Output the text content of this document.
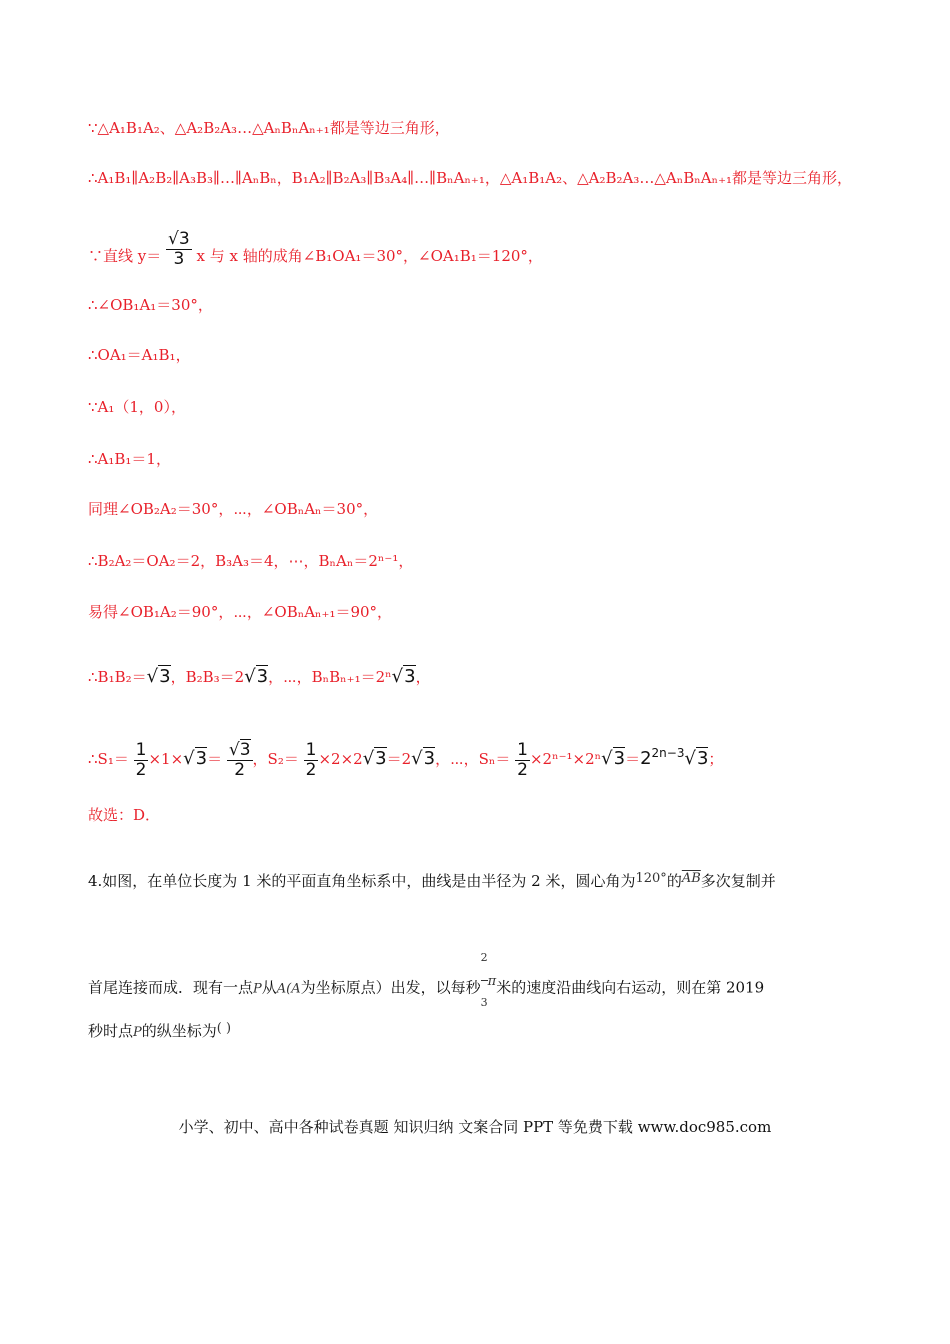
∵△A₁B₁A₂、△A₂B₂A₃…△AₙBₙAₙ₊₁都是等边三角形，
∴A₁B₁∥A₂B₂∥A₃B₃∥…∥AₙBₙ，B₁A₂∥B₂A₃∥B₃A₄∥…∥BₙAₙ₊₁，△A₁B₁A₂、△A₂B₂A₃…△AₙBₙAₙ₊₁都是等边三角形，
∵直线 $y= \frac{√3}{3}$ x 与 x 轴的成角∠B₁OA₁＝30°，∠OA₁B₁＝120°，
∴∠OB₁A₁＝30°，
∴OA₁＝A₁B₁，
∵A₁（1，0），
∴A₁B₁＝1，
同理∠OB₂A₂＝30°，⋯，∠OBₙAₙ＝30°，
∴B₂A₂＝OA₂＝2，B₃A₃＝4，⋯，BₙAₙ＝2ⁿ⁻¹，
易得∠OB₁A₂＝90°，⋯，∠OBₙAₙ₊₁＝90°，
∴B₁B₂＝√3，B₂B₃＝2√3，⋯，BₙBₙ₊₁＝2ⁿ√3，
∴S₁＝ $\frac{1}{2} \times 1\times√3= \frac{√3}{2}$ ，$S_2= \frac{1}{2} \times 2\times 2√3=2√3$，⋯，$S_n= \frac{1}{2} \times 2^{n-1}\times 2^n√3=2^{2n-3}√3$；
故选：D．
4.如图，在单位长度为 1 米的平面直角坐标系中，曲线是由半径为 2 米，圆心角为120°的$\overline{AB}$多次复制并
首尾连接而成．现有一点P从A(A为坐标原点）出发，以每秒 $\frac{2}{3}$ π米的速度沿曲线向右运动，则在第 2019
秒时点P的纵坐标为( )
小学、初中、高中各种试卷真题 知识归纳 文案合同 PPT 等免费下载 www.doc985.com
